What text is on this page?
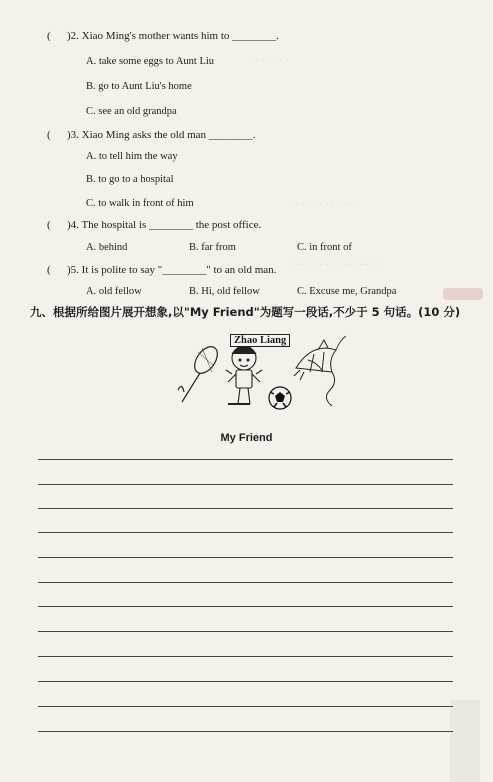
· · · · · · ·
· · · · · · · · · · · ·
· · · · · · · · · · · · · · · ·
( )2. Xiao Ming's mother wants him to ________.
A. take some eggs to Aunt Liu
B. go to Aunt Liu's home
C. see an old grandpa
( )3. Xiao Ming asks the old man ________.
A. to tell him the way
B. to go to a hospital
C. to walk in front of him
( )4. The hospital is ________ the post office.
A. behind	B. far from	C. in front of
( )5. It is polite to say "________" to an old man.
A. old fellow	B. Hi, old fellow	C. Excuse me, Grandpa
九、根据所给图片展开想象,以"My Friend"为题写一段话,不少于 5 句话。(10 分)
Zhao Liang
My Friend
